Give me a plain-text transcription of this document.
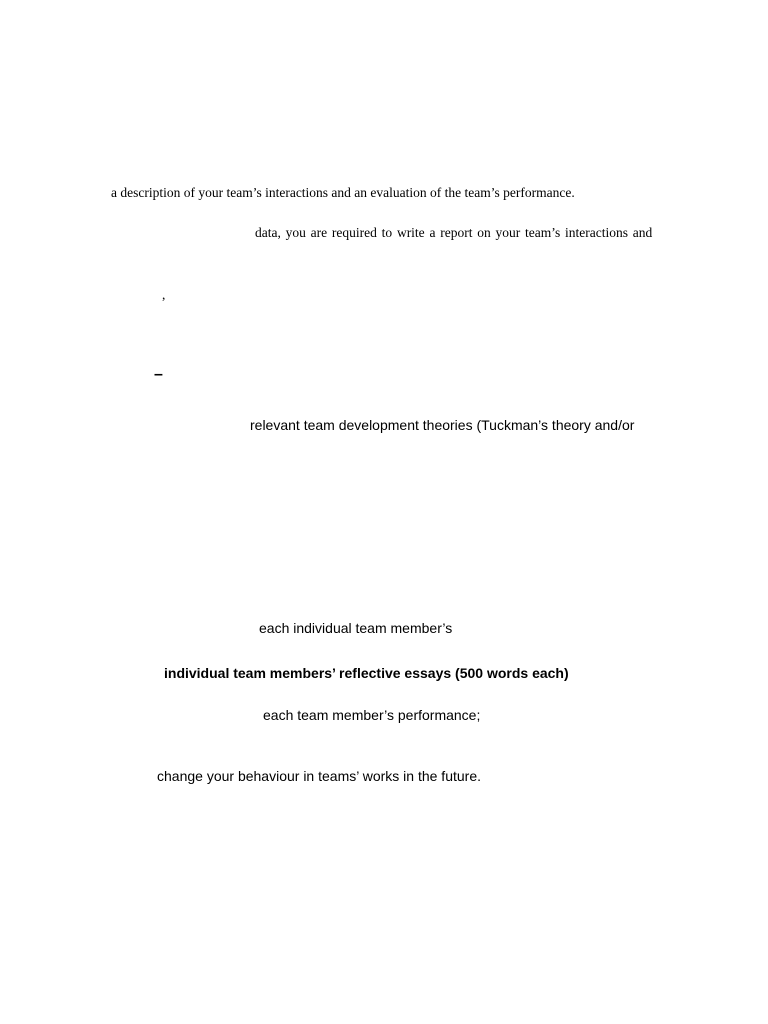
a description of your team’s interactions and an evaluation of the team’s performance.
data, you are required to write a report on your team’s interactions and
,
–
relevant team development theories (Tuckman’s theory and/or
each individual team member’s
individual team members’ reflective essays (500 words each)
each team member’s performance;
change your behaviour in teams’ works in the future.
